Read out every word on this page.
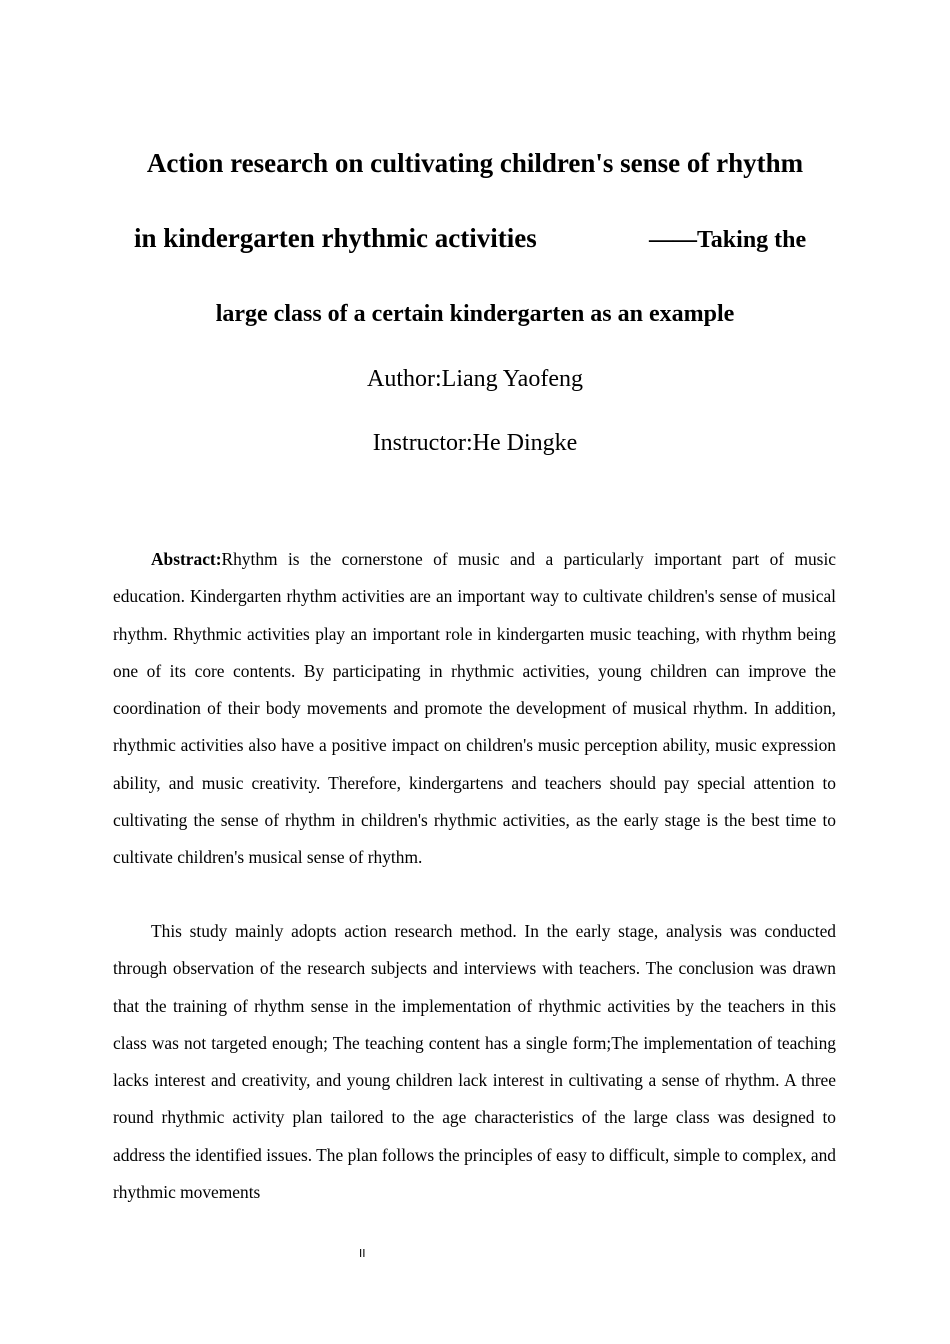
Action research on cultivating children's sense of rhythm
in kindergarten rhythmic activities	——Taking the
large class of a certain kindergarten as an example
Author:Liang Yaofeng
Instructor:He Dingke

Abstract:Rhythm is the cornerstone of music and a particularly important part of music education. Kindergarten rhythm activities are an important way to cultivate children's sense of musical rhythm. Rhythmic activities play an important role in kindergarten music teaching, with rhythm being one of its core contents. By participating in rhythmic activities, young children can improve the coordination of their body movements and promote the development of musical rhythm. In addition, rhythmic activities also have a positive impact on children's music perception ability, music expression ability, and music creativity. Therefore, kindergartens and teachers should pay special attention to cultivating the sense of rhythm in children's rhythmic activities, as the early stage is the best time to cultivate children's musical sense of rhythm.

This study mainly adopts action research method. In the early stage, analysis was conducted through observation of the research subjects and interviews with teachers. The conclusion was drawn that the training of rhythm sense in the implementation of rhythmic activities by the teachers in this class was not targeted enough; The teaching content has a single form;The implementation of teaching lacks interest and creativity, and young children lack interest in cultivating a sense of rhythm. A three round rhythmic activity plan tailored to the age characteristics of the large class was designed to address the identified issues. The plan follows the principles of easy to difficult, simple to complex, and rhythmic movements

II
